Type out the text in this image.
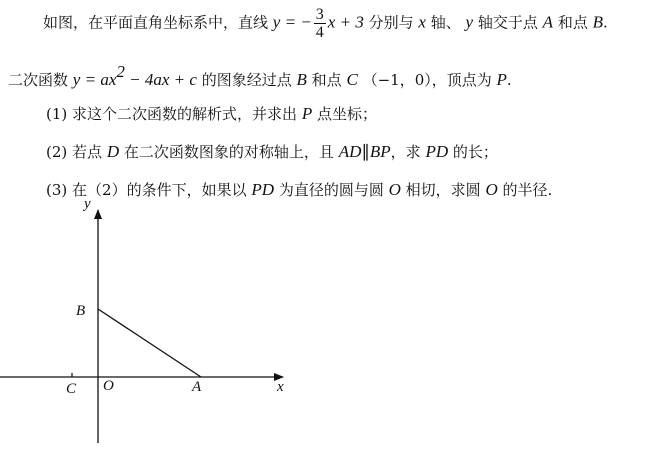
如图，在平面直角坐标系中，直线 y = − $\frac{3}{4}$ x + 3 分别与 x 轴、 y 轴交于点 A 和点 B.
二次函数 $y = ax^2 - 4ax + c$ 的图象经过点 B 和点 C （−1，0），顶点为 P.
(1) 求这个二次函数的解析式，并求出 P 点坐标；
(2) 若点 D 在二次函数图象的对称轴上，且 AD∥BP，求 PD 的长；
(3) 在（2）的条件下，如果以 PD 为直径的圆与圆 O 相切，求圆 O 的半径.
y
x
B
A
O
C
